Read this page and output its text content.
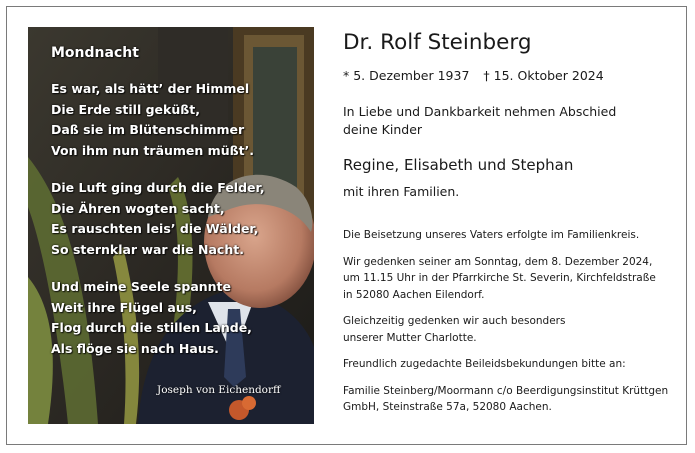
Mondnacht
Es war, als hätt’ der Himmel
Die Erde still geküßt,
Daß sie im Blütenschimmer
Von ihm nun träumen müßt’.
Die Luft ging durch die Felder,
Die Ähren wogten sacht,
Es rauschten leis’ die Wälder,
So sternklar war die Nacht.
Und meine Seele spannte
Weit ihre Flügel aus,
Flog durch die stillen Lande,
Als flöge sie nach Haus.
Joseph von Eichendorff
Dr. Rolf Steinberg
* 5. Dezember 1937 † 15. Oktober 2024
In Liebe und Dankbarkeit nehmen Abschied
deine Kinder
Regine, Elisabeth und Stephan
mit ihren Familien.
Die Beisetzung unseres Vaters erfolgte im Familienkreis.
Wir gedenken seiner am Sonntag, dem 8. Dezember 2024,
um 11.15 Uhr in der Pfarrkirche St. Severin, Kirchfeldstraße
in 52080 Aachen Eilendorf.
Gleichzeitig gedenken wir auch besonders
unserer Mutter Charlotte.
Freundlich zugedachte Beileidsbekundungen bitte an:
Familie Steinberg/Moormann c/o Beerdigungsinstitut Krüttgen
GmbH, Steinstraße 57a, 52080 Aachen.
